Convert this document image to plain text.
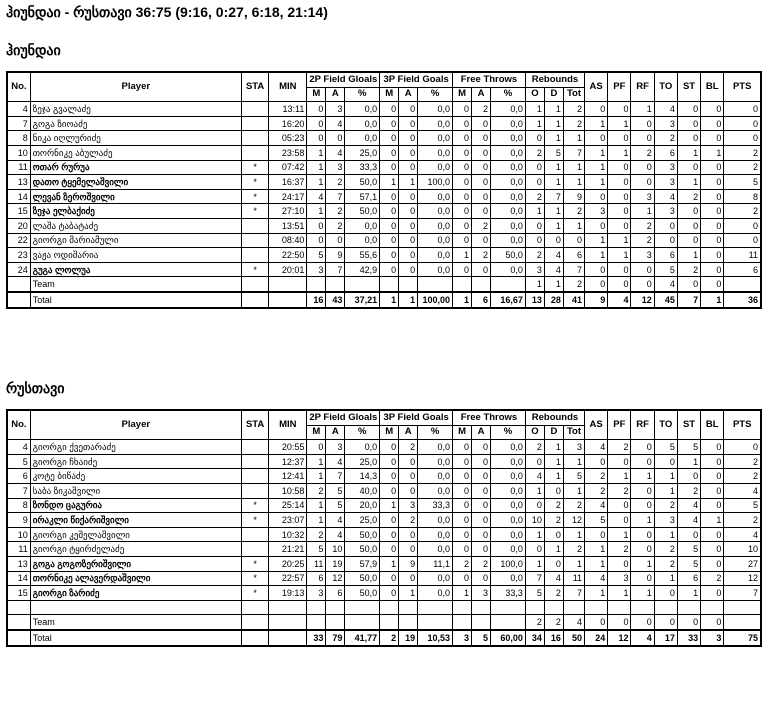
ჰიუნდაი - რუსთავი 36:75 (9:16, 0:27, 6:18, 21:14)
ჰიუნდაი
No.	Player	STA	MIN	2P Field Gloals			3P Field Goals			Free Throws			Rebounds			AS	PF	RF	TO	ST	BL	PTS
				M	A	%	M	A	%	M	A	%	O	D	Tot							
4	ზეჯა გვალაძე		13:11	0	3	0,0	0	0	0,0	0	2	0,0	1	1	2	0	0	1	4	0	0	0
7	გოგა ზიოაძე		16:20	0	4	0,0	0	0	0,0	0	0	0,0	1	1	2	1	1	0	3	0	0	0
8	ნიკა იღლურიძე		05:23	0	0	0,0	0	0	0,0	0	0	0,0	0	1	1	0	0	0	2	0	0	0
10	თორნიკე აბულაძე		23:58	1	4	25,0	0	0	0,0	0	0	0,0	2	5	7	1	1	2	6	1	1	2
11	ოთარ რურუა	*	07:42	1	3	33,3	0	0	0,0	0	0	0,0	0	1	1	1	0	0	3	0	0	2
13	დათო ტყემელაშვილი	*	16:37	1	2	50,0	1	1	100,0	0	0	0,0	0	1	1	1	0	0	3	1	0	5
14	ლევან ზეროშვილი	*	24:17	4	7	57,1	0	0	0,0	0	0	0,0	2	7	9	0	0	3	4	2	0	8
15	ზეჯა ელბაქიძე	*	27:10	1	2	50,0	0	0	0,0	0	0	0,0	1	1	2	3	0	1	3	0	0	2
20	ლაშა ტაბატაძე		13:51	0	2	0,0	0	0	0,0	0	2	0,0	0	1	1	0	0	2	0	0	0	0
22	გიორგი მარიამული		08:40	0	0	0,0	0	0	0,0	0	0	0,0	0	0	0	1	1	2	0	0	0	0
23	ვაჟა ოდიშარია		22:50	5	9	55,6	0	0	0,0	1	2	50,0	2	4	6	1	1	3	6	1	0	11
24	გუგა ლოლუა	*	20:01	3	7	42,9	0	0	0,0	0	0	0,0	3	4	7	0	0	0	5	2	0	6
	Team												1	1	2	0	0	0	4	0	0	
	Total			16	43	37,21	1	1	100,00	1	6	16,67	13	28	41	9	4	12	45	7	1	36
რუსთავი
No.	Player	STA	MIN	2P Field Gloals			3P Field Goals			Free Throws			Rebounds			AS	PF	RF	TO	ST	BL	PTS
				M	A	%	M	A	%	M	A	%	O	D	Tot							
4	გიორგი ქვეთარაძე		20:55	0	3	0,0	0	2	0,0	0	0	0,0	2	1	3	4	2	0	5	5	0	0
5	გიორგი ჩხაიძე		12:37	1	4	25,0	0	0	0,0	0	0	0,0	0	1	1	0	0	0	0	1	0	2
6	კოტე ბიწაძე		12:41	1	7	14,3	0	0	0,0	0	0	0,0	4	1	5	2	1	1	1	0	0	2
7	საბა ზიკაშვილი		10:58	2	5	40,0	0	0	0,0	0	0	0,0	1	0	1	2	2	0	1	2	0	4
8	ზონდო ცაგურია	*	25:14	1	5	20,0	1	3	33,3	0	0	0,0	0	2	2	4	0	0	2	4	0	5
9	ირაკლი წიქარიშვილი	*	23:07	1	4	25,0	0	2	0,0	0	0	0,0	10	2	12	5	0	1	3	4	1	2
10	გიორგი კეშელაშვილი		10:32	2	4	50,0	0	0	0,0	0	0	0,0	1	0	1	0	1	0	1	0	0	4
11	გიორგი ტყირძელაძე		21:21	5	10	50,0	0	0	0,0	0	0	0,0	0	1	2	1	2	0	2	5	0	10
13	გოგა გოგოზერიშვილი	*	20:25	11	19	57,9	1	9	11,1	2	2	100,0	1	0	1	1	0	1	2	5	0	27
14	თორნიკე ალავერდაშვილი	*	22:57	6	12	50,0	0	0	0,0	0	0	0,0	7	4	11	4	3	0	1	6	2	12
15	გიორგი ზარიძე	*	19:13	3	6	50,0	0	1	0,0	1	3	33,3	5	2	7	1	1	1	0	1	0	7

	Team												2	2	4	0	0	0	0	0	0	
	Total			33	79	41,77	2	19	10,53	3	5	60,00	34	16	50	24	12	4	17	33	3	75
